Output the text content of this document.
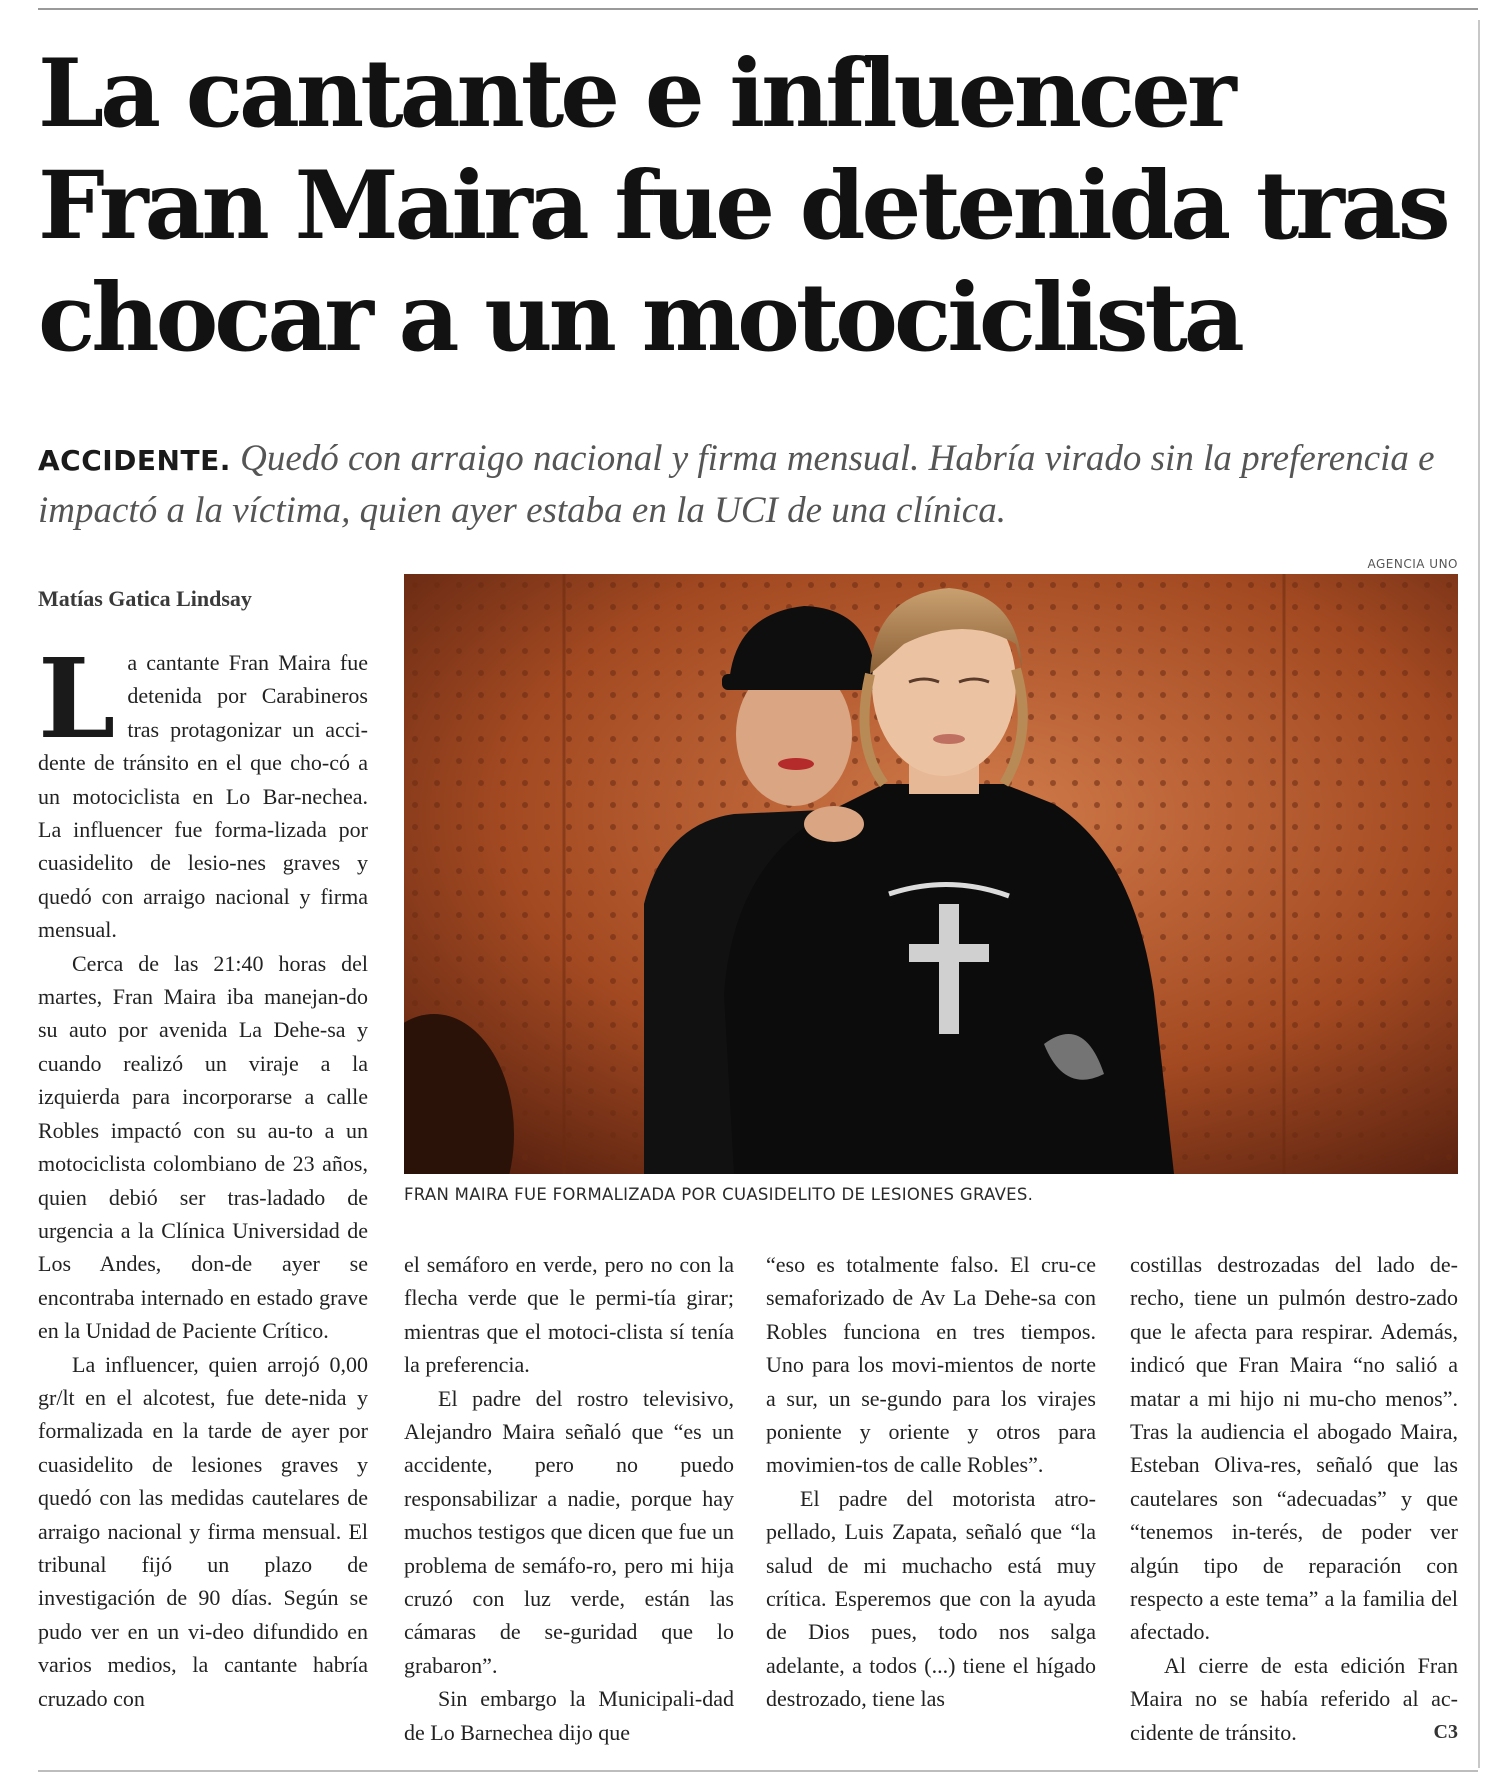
La cantante e influencer
Fran Maira fue detenida tras
chocar a un motociclista
ACCIDENTE. Quedó con arraigo nacional y firma mensual. Habría virado sin la preferencia e impactó a la víctima, quien ayer estaba en la UCI de una clínica.
AGENCIA UNO
FRAN MAIRA FUE FORMALIZADA POR CUASIDELITO DE LESIONES GRAVES.
Matías Gatica Lindsay
L a cantante Fran Maira fue detenida por Carabineros tras protagonizar un acci-dente de tránsito en el que cho-có a un motociclista en Lo Bar-nechea. La influencer fue forma-lizada por cuasidelito de lesio-nes graves y quedó con arraigo nacional y firma mensual.

Cerca de las 21:40 horas del martes, Fran Maira iba manejan-do su auto por avenida La Dehe-sa y cuando realizó un viraje a la izquierda para incorporarse a calle Robles impactó con su au-to a un motociclista colombiano de 23 años, quien debió ser tras-ladado de urgencia a la Clínica Universidad de Los Andes, don-de ayer se encontraba internado en estado grave en la Unidad de Paciente Crítico.

La influencer, quien arrojó 0,00 gr/lt en el alcotest, fue dete-nida y formalizada en la tarde de ayer por cuasidelito de lesiones graves y quedó con las medidas cautelares de arraigo nacional y firma mensual. El tribunal fijó un plazo de investigación de 90 días. Según se pudo ver en un vi-deo difundido en varios medios, la cantante habría cruzado con

el semáforo en verde, pero no con la flecha verde que le permi-tía girar; mientras que el motoci-clista sí tenía la preferencia.

El padre del rostro televisivo, Alejandro Maira señaló que “es un accidente, pero no puedo responsabilizar a nadie, porque hay muchos testigos que dicen que fue un problema de semáfo-ro, pero mi hija cruzó con luz verde, están las cámaras de se-guridad que lo grabaron”.

Sin embargo la Municipali-dad de Lo Barnechea dijo que

“eso es totalmente falso. El cru-ce semaforizado de Av La Dehe-sa con Robles funciona en tres tiempos. Uno para los movi-mientos de norte a sur, un se-gundo para los virajes poniente y oriente y otros para movimien-tos de calle Robles”.

El padre del motorista atro-pellado, Luis Zapata, señaló que “la salud de mi muchacho está muy crítica. Esperemos que con la ayuda de Dios pues, todo nos salga adelante, a todos (...) tiene el hígado destrozado, tiene las

costillas destrozadas del lado de-recho, tiene un pulmón destro-zado que le afecta para respirar. Además, indicó que Fran Maira “no salió a matar a mi hijo ni mu-cho menos”. Tras la audiencia el abogado Maira, Esteban Oliva-res, señaló que las cautelares son “adecuadas” y que “tenemos in-terés, de poder ver algún tipo de reparación con respecto a este tema” a la familia del afectado.

Al cierre de esta edición Fran Maira no se había referido al ac-cidente de tránsito.	C3
